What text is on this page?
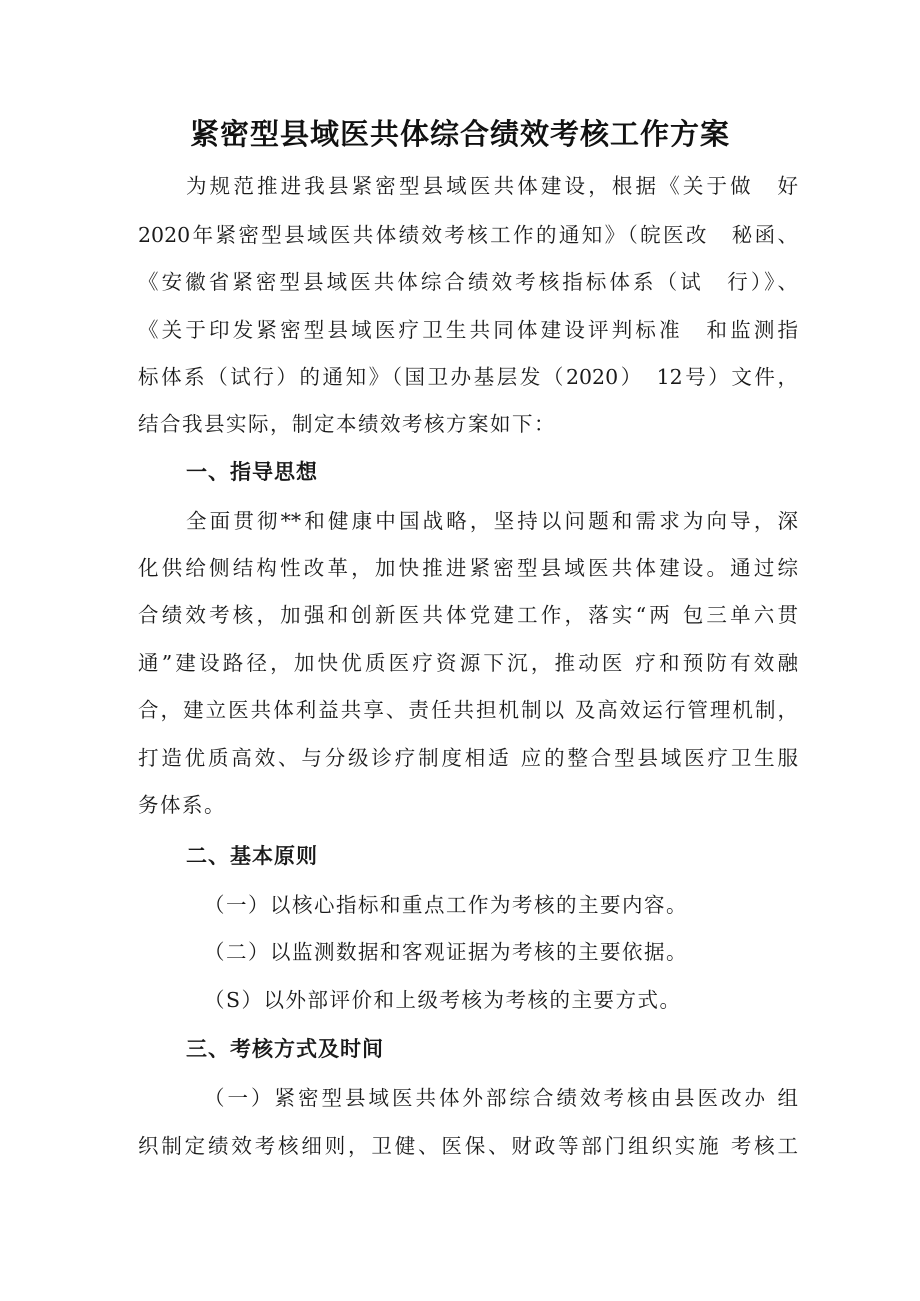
紧密型县域医共体综合绩效考核工作方案
为规范推进我县紧密型县域医共体建设，根据《关于做　好
2020年紧密型县域医共体绩效考核工作的通知》（皖医改　秘函、
《安徽省紧密型县域医共体综合绩效考核指标体系（试　行）》、
《关于印发紧密型县域医疗卫生共同体建设评判标准　和监测指
标体系（试行）的通知》（国卫办基层发（2020）　12号）文件，
结合我县实际，制定本绩效考核方案如下：
一、指导思想
全面贯彻**和健康中国战略，坚持以问题和需求为向导，深
化供给侧结构性改革，加快推进紧密型县域医共体建设。通过综
合绩效考核，加强和创新医共体党建工作，落实“两 包三单六贯
通”建设路径，加快优质医疗资源下沉，推动医 疗和预防有效融
合，建立医共体利益共享、责任共担机制以 及高效运行管理机制，
打造优质高效、与分级诊疗制度相适 应的整合型县域医疗卫生服
务体系。
二、基本原则
（一）以核心指标和重点工作为考核的主要内容。
（二）以监测数据和客观证据为考核的主要依据。
（S）以外部评价和上级考核为考核的主要方式。
三、考核方式及时间
（一）紧密型县域医共体外部综合绩效考核由县医改办 组
织制定绩效考核细则，卫健、医保、财政等部门组织实施 考核工
